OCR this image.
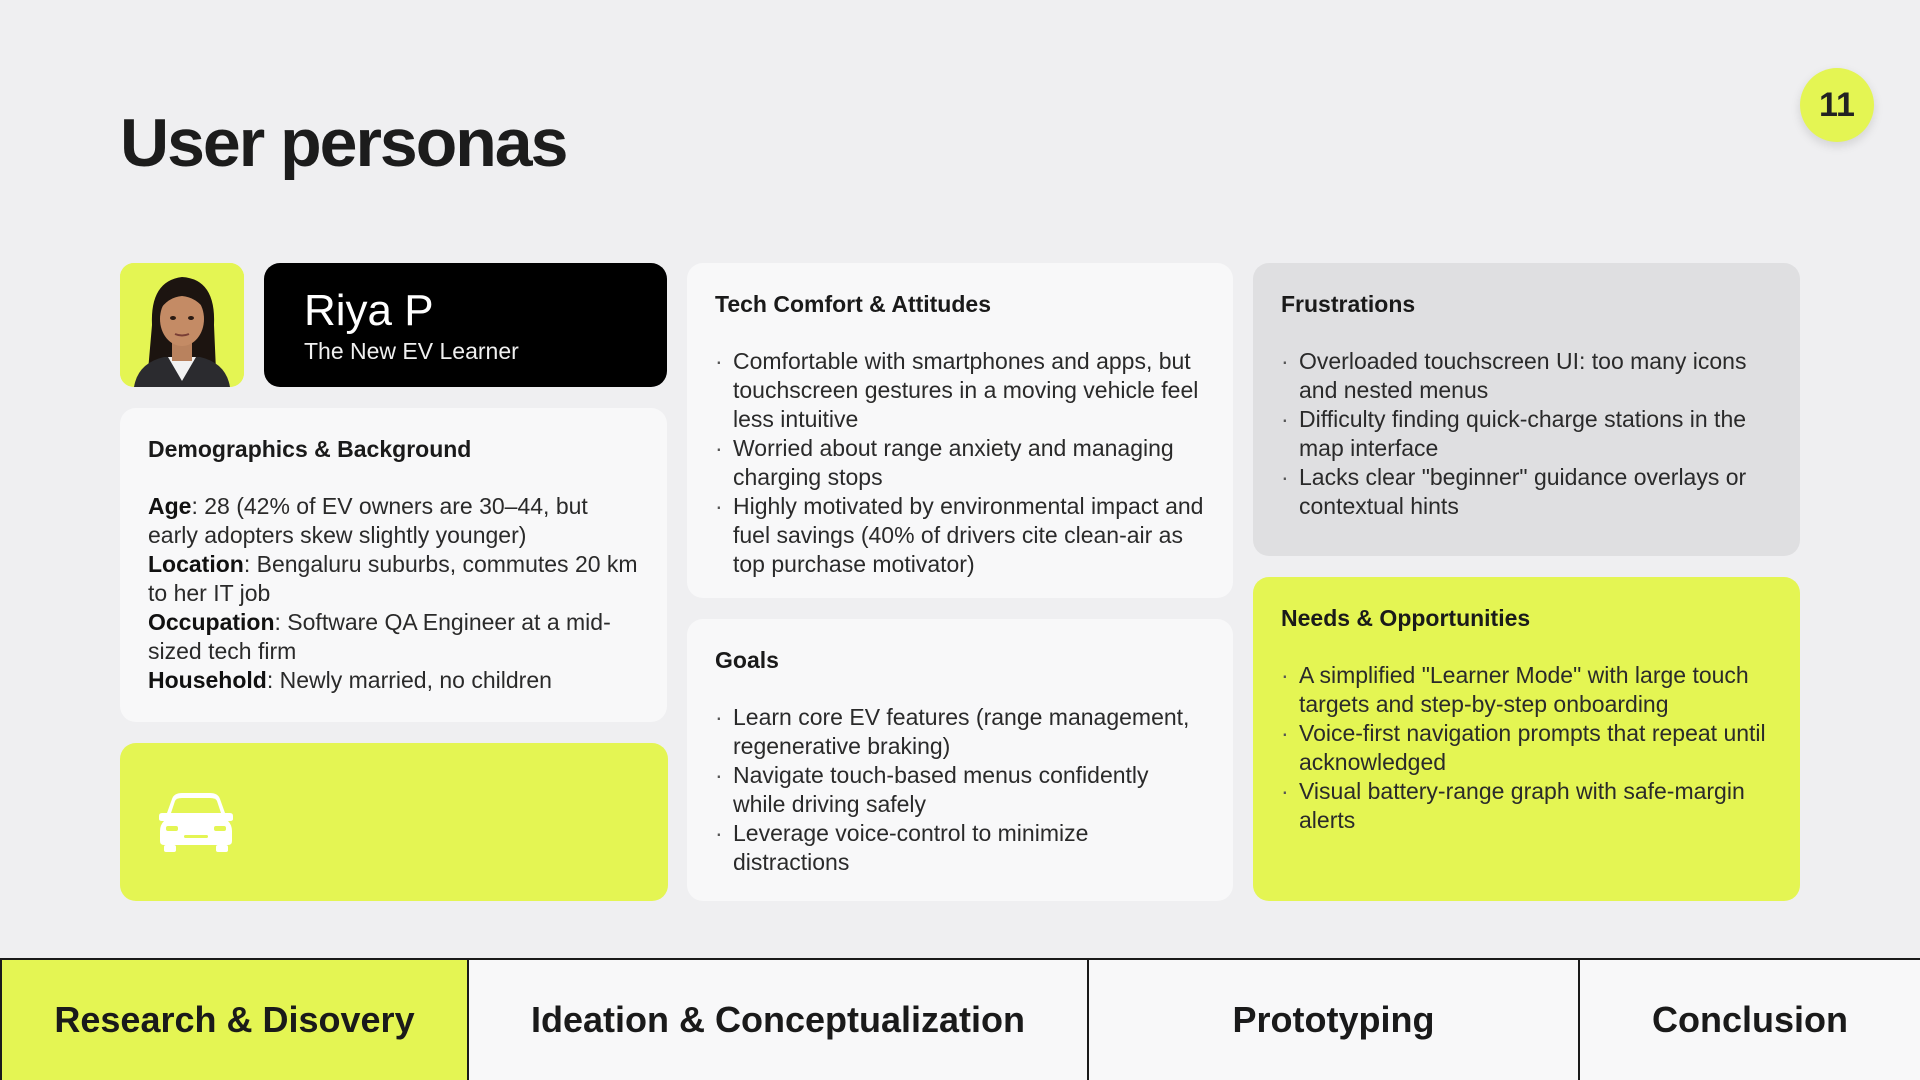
User personas
11
Riya P
The New EV Learner
Demographics & Background
Age: 28 (42% of EV owners are 30–44, but early adopters skew slightly younger)
Location: Bengaluru suburbs, commutes 20 km to her IT job
Occupation: Software QA Engineer at a mid-sized tech firm
Household: Newly married, no children
Tech Comfort & Attitudes
· Comfortable with smartphones and apps, but touchscreen gestures in a moving vehicle feel less intuitive
· Worried about range anxiety and managing charging stops
· Highly motivated by environmental impact and fuel savings (40% of drivers cite clean-air as top purchase motivator)
Goals
· Learn core EV features (range management, regenerative braking)
· Navigate touch-based menus confidently while driving safely
· Leverage voice-control to minimize distractions
Frustrations
· Overloaded touchscreen UI: too many icons and nested menus
· Difficulty finding quick-charge stations in the map interface
· Lacks clear "beginner" guidance overlays or contextual hints
Needs & Opportunities
· A simplified "Learner Mode" with large touch targets and step-by-step onboarding
· Voice-first navigation prompts that repeat until acknowledged
· Visual battery-range graph with safe-margin alerts
Research & Disovery	Ideation & Conceptualization	Prototyping	Conclusion
